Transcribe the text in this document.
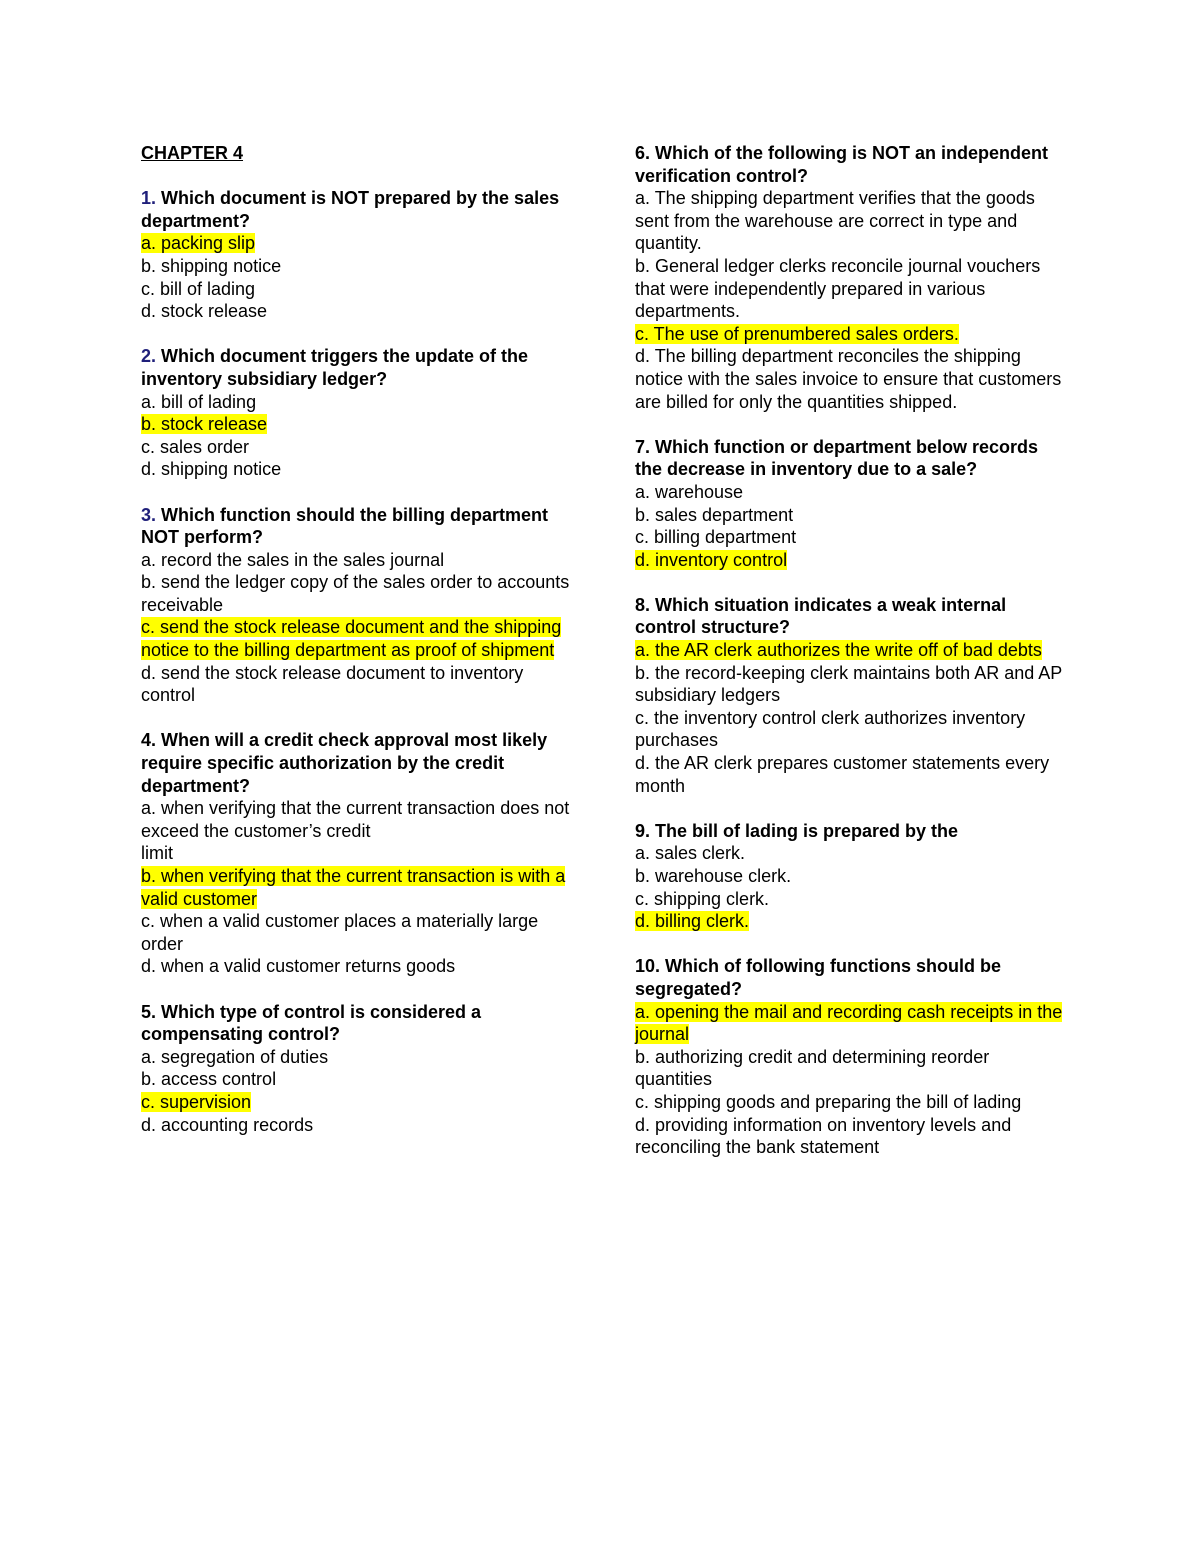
CHAPTER 4
1. Which document is NOT prepared by the sales department?
a. packing slip
b. shipping notice
c. bill of lading
d. stock release
2. Which document triggers the update of the inventory subsidiary ledger?
a. bill of lading
b. stock release
c. sales order
d. shipping notice
3. Which function should the billing department NOT perform?
a. record the sales in the sales journal
b. send the ledger copy of the sales order to accounts receivable
c. send the stock release document and the shipping notice to the billing department as proof of shipment
d. send the stock release document to inventory control
4. When will a credit check approval most likely require specific authorization by the credit department?
a. when verifying that the current transaction does not exceed the customer’s credit
limit
b. when verifying that the current transaction is with a valid customer
c. when a valid customer places a materially large order
d. when a valid customer returns goods
5. Which type of control is considered a compensating control?
a. segregation of duties
b. access control
c. supervision
d. accounting records
6. Which of the following is NOT an independent verification control?
a. The shipping department verifies that the goods sent from the warehouse are correct in type and quantity.
b. General ledger clerks reconcile journal vouchers that were independently prepared in various departments.
c. The use of prenumbered sales orders.
d. The billing department reconciles the shipping notice with the sales invoice to ensure that customers are billed for only the quantities shipped.
7. Which function or department below records the decrease in inventory due to a sale?
a. warehouse
b. sales department
c. billing department
d. inventory control
8. Which situation indicates a weak internal control structure?
a. the AR clerk authorizes the write off of bad debts
b. the record-keeping clerk maintains both AR and AP subsidiary ledgers
c. the inventory control clerk authorizes inventory purchases
d. the AR clerk prepares customer statements every
month
9. The bill of lading is prepared by the
a. sales clerk.
b. warehouse clerk.
c. shipping clerk.
d. billing clerk.
10. Which of following functions should be segregated?
a. opening the mail and recording cash receipts in the journal
b. authorizing credit and determining reorder quantities
c. shipping goods and preparing the bill of lading
d. providing information on inventory levels and reconciling the bank statement
